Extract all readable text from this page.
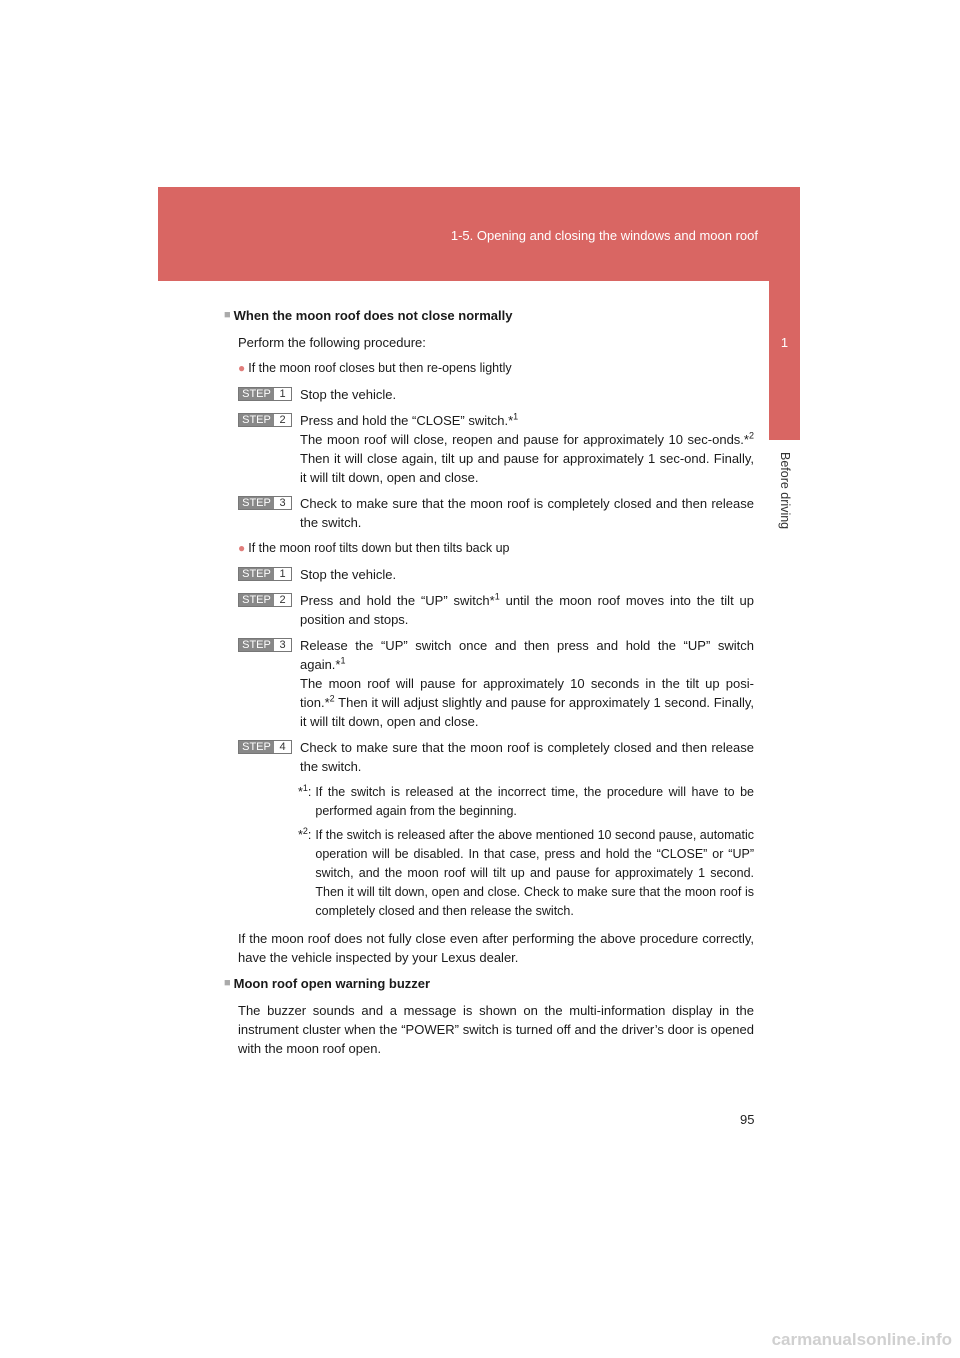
1-5. Opening and closing the windows and moon roof
1
Before driving
■ When the moon roof does not close normally
Perform the following procedure:
● If the moon roof closes but then re-opens lightly
STEP 1	Stop the vehicle.
STEP 2	Press and hold the “CLOSE” switch.*$^1$
The moon roof will close, reopen and pause for approximately 10 sec-onds.*$^2$ Then it will close again, tilt up and pause for approximately 1 sec-ond. Finally, it will tilt down, open and close.
STEP 3	Check to make sure that the moon roof is completely closed and then release the switch.
● If the moon roof tilts down but then tilts back up
STEP 1	Stop the vehicle.
STEP 2	Press and hold the “UP” switch*$^1$ until the moon roof moves into the tilt up position and stops.
STEP 3	Release the “UP” switch once and then press and hold the “UP” switch again.*$^1$
The moon roof will pause for approximately 10 seconds in the tilt up posi-tion.*$^2$ Then it will adjust slightly and pause for approximately 1 second. Finally, it will tilt down, open and close.
STEP 4	Check to make sure that the moon roof is completely closed and then release the switch.
*$^1$: If the switch is released at the incorrect time, the procedure will have to be performed again from the beginning.
*$^2$: If the switch is released after the above mentioned 10 second pause, automatic operation will be disabled. In that case, press and hold the “CLOSE” or “UP” switch, and the moon roof will tilt up and pause for approximately 1 second. Then it will tilt down, open and close. Check to make sure that the moon roof is completely closed and then release the switch.
If the moon roof does not fully close even after performing the above procedure correctly, have the vehicle inspected by your Lexus dealer.
■ Moon roof open warning buzzer
The buzzer sounds and a message is shown on the multi-information display in the instrument cluster when the “POWER” switch is turned off and the driver’s door is opened with the moon roof open.
95
carmanualsonline.info
